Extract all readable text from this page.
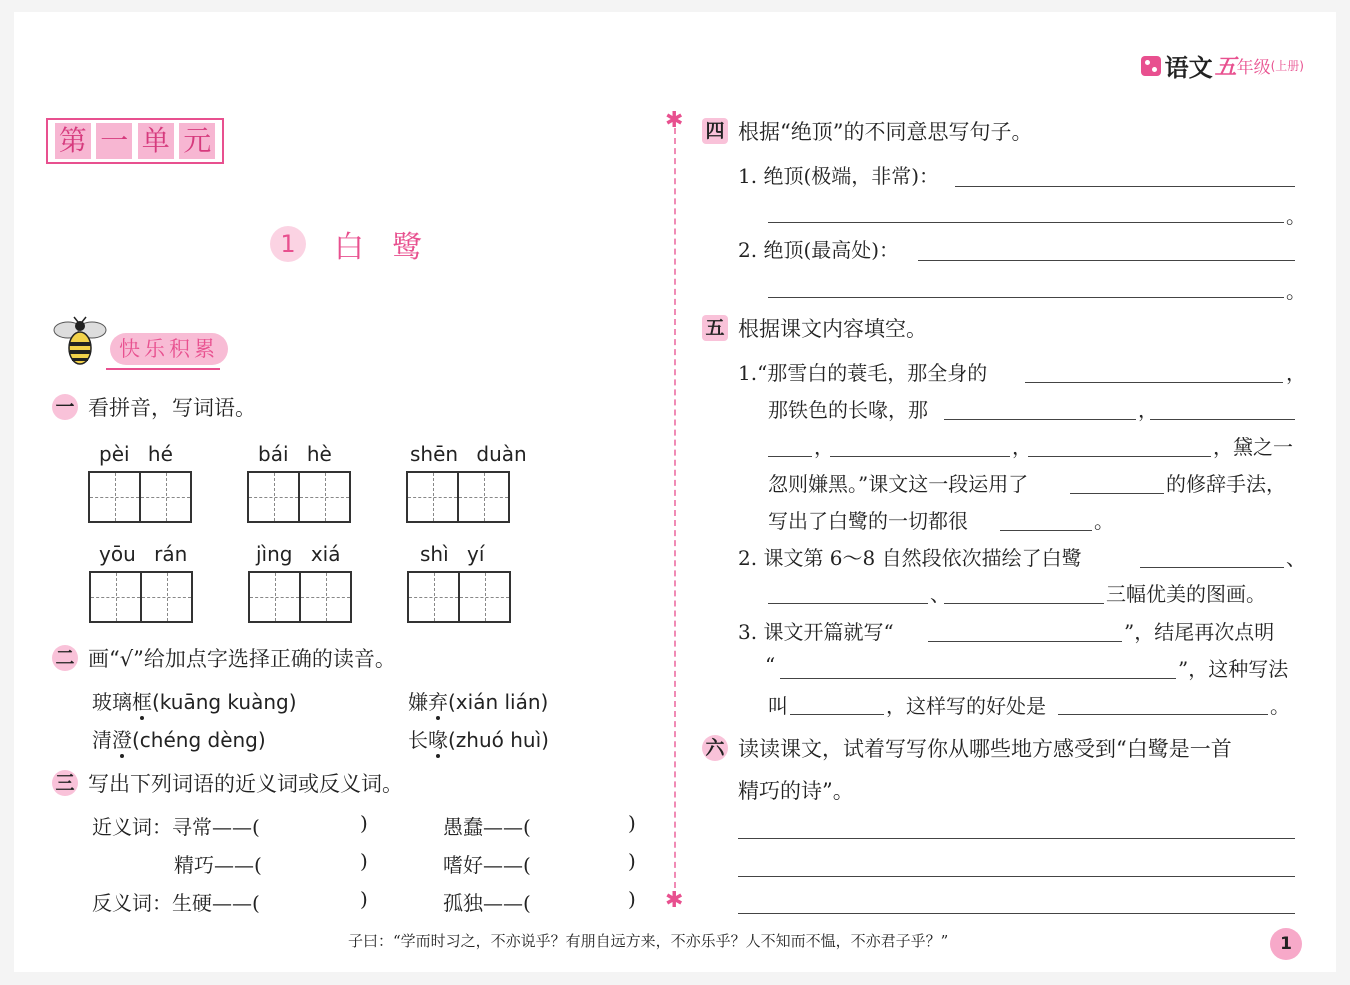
语文 五 年级 (上册)
第 一 单 元
1	白鹭
快乐积累
一 看拼音，写词语。
pèi hé	bái hè	shēn duàn
yōu rán	jìng xiá	shì yí
二 画“√”给加点字选择正确的读音。
玻璃框(kuāng kuàng)	嫌弃(xián lián)
清澄(chéng dèng)	长喙(zhuó huì)
三 写出下列词语的近义词或反义词。
近义词：寻常——(	)	愚蠢——(	)
精巧——(	)	嗜好——(	)
反义词：生硬——(	)	孤独——(	)
✱
✱
四 根据“绝顶”的不同意思写句子。
1. 绝顶(极端，非常)：
。
2. 绝顶(最高处)：
。
五 根据课文内容填空。
1.“那雪白的蓑毛，那全身的	，
那铁色的长喙，那	，
，	，	，黛之一
忽则嫌黑。”课文这一段运用了	的修辞手法，
写出了白鹭的一切都很	。
2. 课文第 6～8 自然段依次描绘了白鹭	、
、	三幅优美的图画。
3. 课文开篇就写“	”，结尾再次点明
“	”，这种写法
叫	，这样写的好处是	。
六 读读课文，试着写写你从哪些地方感受到“白鹭是一首
精巧的诗”。
子曰：“学而时习之，不亦说乎？有朋自远方来，不亦乐乎？人不知而不愠，不亦君子乎？”	1
